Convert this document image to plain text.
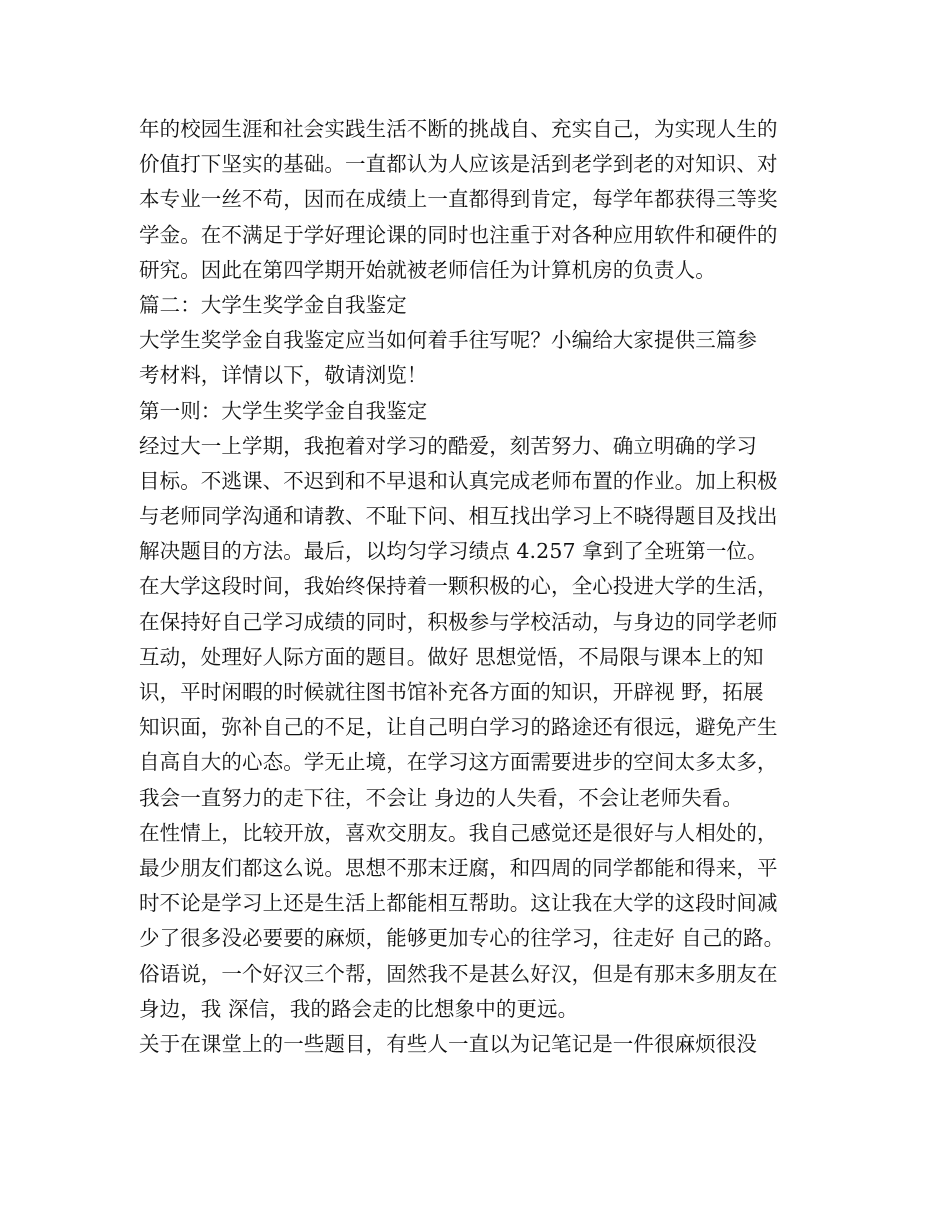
年的校园生涯和社会实践生活不断的挑战自、充实自己，为实现人生的
价值打下坚实的基础。一直都认为人应该是活到老学到老的对知识、对
本专业一丝不苟，因而在成绩上一直都得到肯定，每学年都获得三等奖
学金。在不满足于学好理论课的同时也注重于对各种应用软件和硬件的
研究。因此在第四学期开始就被老师信任为计算机房的负责人。
篇二：大学生奖学金自我鉴定
大学生奖学金自我鉴定应当如何着手往写呢？小编给大家提供三篇参
考材料，详情以下，敬请浏览！
第一则：大学生奖学金自我鉴定
经过大一上学期，我抱着对学习的酷爱，刻苦努力、确立明确的学习
目标。不逃课、不迟到和不早退和认真完成老师布置的作业。加上积极
与老师同学沟通和请教、不耻下问、相互找出学习上不晓得题目及找出
解决题目的方法。最后，以均匀学习绩点 4.257 拿到了全班第一位。
在大学这段时间，我始终保持着一颗积极的心，全心投进大学的生活，
在保持好自己学习成绩的同时，积极参与学校活动，与身边的同学老师
互动，处理好人际方面的题目。做好 思想觉悟，不局限与课本上的知
识，平时闲暇的时候就往图书馆补充各方面的知识，开辟视 野，拓展
知识面，弥补自己的不足，让自己明白学习的路途还有很远，避免产生
自高自大的心态。学无止境，在学习这方面需要进步的空间太多太多，
我会一直努力的走下往，不会让 身边的人失看，不会让老师失看。
在性情上，比较开放，喜欢交朋友。我自己感觉还是很好与人相处的，
最少朋友们都这么说。思想不那末迂腐，和四周的同学都能和得来，平
时不论是学习上还是生活上都能相互帮助。这让我在大学的这段时间减
少了很多没必要要的麻烦，能够更加专心的往学习，往走好 自己的路。
俗语说，一个好汉三个帮，固然我不是甚么好汉，但是有那末多朋友在
身边，我 深信，我的路会走的比想象中的更远。
关于在课堂上的一些题目，有些人一直以为记笔记是一件很麻烦很没
